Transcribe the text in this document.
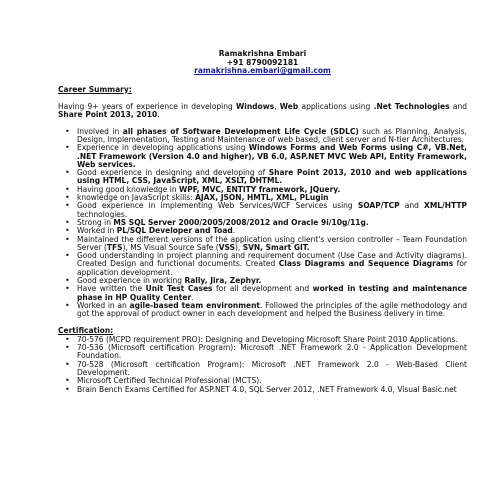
Ramakrishna Embari
+91 8790092181
ramakrishna.embari@gmail.com
Career Summary:
Having 9+ years of experience in developing Windows, Web applications using .Net Technologies and Share Point 2013, 2010.
• Involved in all phases of Software Development Life Cycle (SDLC) such as Planning, Analysis, Design, Implementation, Testing and Maintenance of web based, client server and N-tier Architectures.
• Experience in developing applications using Windows Forms and Web Forms using C#, VB.Net, .NET Framework (Version 4.0 and higher), VB 6.0, ASP.NET MVC Web API, Entity Framework, Web services.
• Good experience in designing and developing of Share Point 2013, 2010 and web applications using HTML, CSS, JavaScript, XML, XSLT, DHTML.
• Having good knowledge in WPF, MVC, ENTITY framework, JQuery.
• knowledge on JavaScript skills: AJAX, JSON, HMTL, XML, PLugin
• Good experience in implementing Web Services/WCF Services using SOAP/TCP and XML/HTTP technologies.
• Strong in MS SQL Server 2000/2005/2008/2012 and Oracle 9i/10g/11g.
• Worked in PL/SQL Developer and Toad.
• Maintained the different versions of the application using client's version controller – Team Foundation Server (TFS), MS Visual Source Safe (VSS), SVN, Smart GIT.
• Good understanding in project planning and requirement document (Use Case and Activity diagrams). Created Design and functional documents. Created Class Diagrams and Sequence Diagrams for application development.
• Good experience in working Rally, Jira, Zephyr.
• Have written the Unit Test Cases for all development and worked in testing and maintenance phase in HP Quality Center.
• Worked in an agile-based team environment. Followed the principles of the agile methodology and got the approval of product owner in each development and helped the Business delivery in time.
Certification:
• 70-576 (MCPD requirement PRO): Designing and Developing Microsoft Share Point 2010 Applications.
• 70-536 (Microsoft certification Program): Microsoft .NET Framework 2.0 - Application Development Foundation.
• 70-528 (Microsoft certification Program): Microsoft .NET Framework 2.0 - Web-Based Client Development.
• Microsoft Certified Technical Professional (MCTS).
• Brain Bench Exams Certified for ASP.NET 4.0, SQL Server 2012, .NET Framework 4.0, Visual Basic.net
